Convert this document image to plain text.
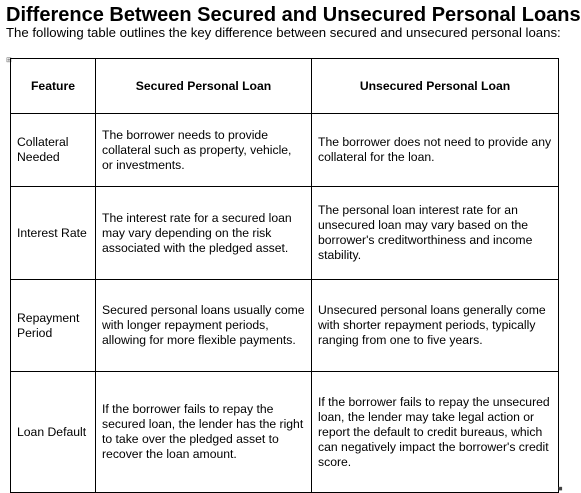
Difference Between Secured and Unsecured Personal Loans
The following table outlines the key difference between secured and unsecured personal loans:
⊞
Feature	Secured Personal Loan	Unsecured Personal Loan
Collateral Needed	The borrower needs to provide collateral such as property, vehicle, or investments.	The borrower does not need to provide any collateral for the loan.
Interest Rate	The interest rate for a secured loan may vary depending on the risk associated with the pledged asset.	The personal loan interest rate for an unsecured loan may vary based on the borrower's creditworthiness and income stability.
Repayment Period	Secured personal loans usually come with longer repayment periods, allowing for more flexible payments.	Unsecured personal loans generally come with shorter repayment periods, typically ranging from one to five years.
Loan Default	If the borrower fails to repay the secured loan, the lender has the right to take over the pledged asset to recover the loan amount.	If the borrower fails to repay the unsecured loan, the lender may take legal action or report the default to credit bureaus, which can negatively impact the borrower's credit score.
◾
